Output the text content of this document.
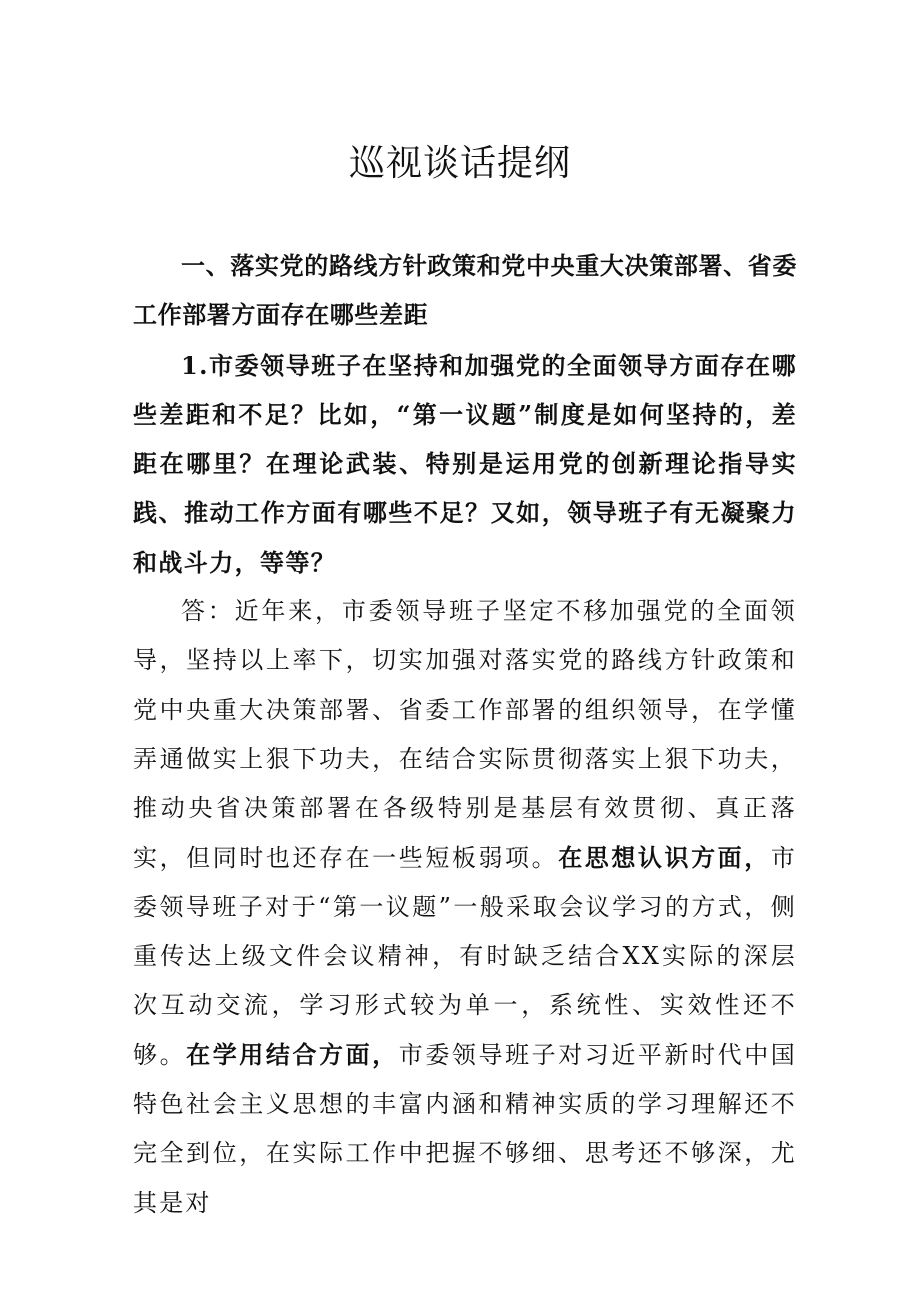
巡视谈话提纲

一、落实党的路线方针政策和党中央重大决策部署、省委工作部署方面存在哪些差距

1.市委领导班子在坚持和加强党的全面领导方面存在哪些差距和不足？比如，“第一议题”制度是如何坚持的，差距在哪里？在理论武装、特别是运用党的创新理论指导实践、推动工作方面有哪些不足？又如，领导班子有无凝聚力和战斗力，等等？

答：近年来，市委领导班子坚定不移加强党的全面领导，坚持以上率下，切实加强对落实党的路线方针政策和党中央重大决策部署、省委工作部署的组织领导，在学懂弄通做实上狠下功夫，在结合实际贯彻落实上狠下功夫，推动央省决策部署在各级特别是基层有效贯彻、真正落实，但同时也还存在一些短板弱项。在思想认识方面，市委领导班子对于“第一议题”一般采取会议学习的方式，侧重传达上级文件会议精神，有时缺乏结合XX实际的深层次互动交流，学习形式较为单一，系统性、实效性还不够。在学用结合方面，市委领导班子对习近平新时代中国特色社会主义思想的丰富内涵和精神实质的学习理解还不完全到位，在实际工作中把握不够细、思考还不够深，尤其是对
